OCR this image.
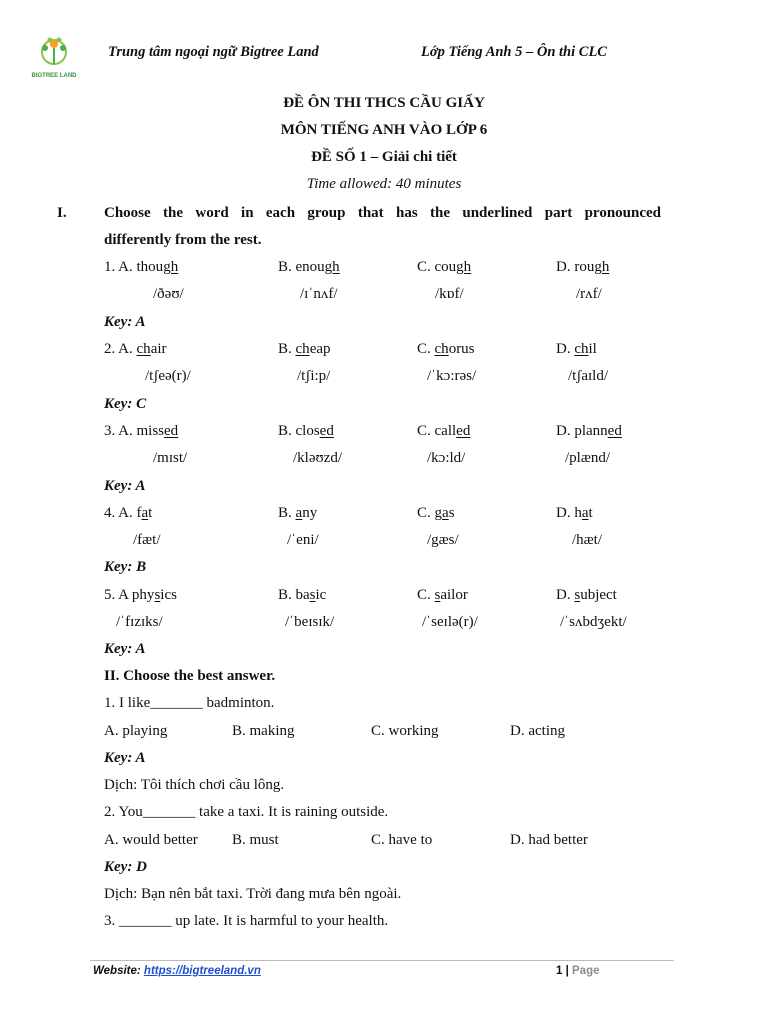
BIGTREE LAND
Trung tâm ngoại ngữ Bigtree Land	Lớp Tiếng Anh 5 – Ôn thi CLC
ĐỀ ÔN THI THCS CẦU GIẤY
MÔN TIẾNG ANH VÀO LỚP 6
ĐỀ SỐ 1 – Giải chi tiết
Time allowed: 40 minutes
I. Choose the word in each group that has the underlined part pronounced
differently from the rest.
1. A. though	B. enough	C. cough	D. rough
/ðəʊ/	/ɪˈnʌf/	/kɒf/	/rʌf/
Key: A
2. A. chair	B. cheap	C. chorus	D. chil
/tʃeə(r)/	/tʃi:p/	/ˈkɔ:rəs/	/tʃaɪld/
Key: C
3. A. missed	B. closed	C. called	D. planned
/mɪst/	/kləʊzd/	/kɔ:ld/	/plænd/
Key: A
4. A. fat	B. any	C. gas	D. hat
/fæt/	/ˈeni/	/gæs/	/hæt/
Key: B
5. A physics	B. basic	C. sailor	D. subject
/ˈfɪzɪks/	/ˈbeɪsɪk/	/ˈseɪlə(r)/	/ˈsʌbdʒekt/
Key: A
II. Choose the best answer.
1. I like_______ badminton.
A. playing	B. making	C. working	D. acting
Key: A
Dịch: Tôi thích chơi cầu lông.
2. You_______ take a taxi. It is raining outside.
A. would better B. must	C. have to	D. had better
Key: D
Dịch: Bạn nên bắt taxi. Trời đang mưa bên ngoài.
3. _______ up late. It is harmful to your health.
Website: https://bigtreeland.vn	1 | Page
